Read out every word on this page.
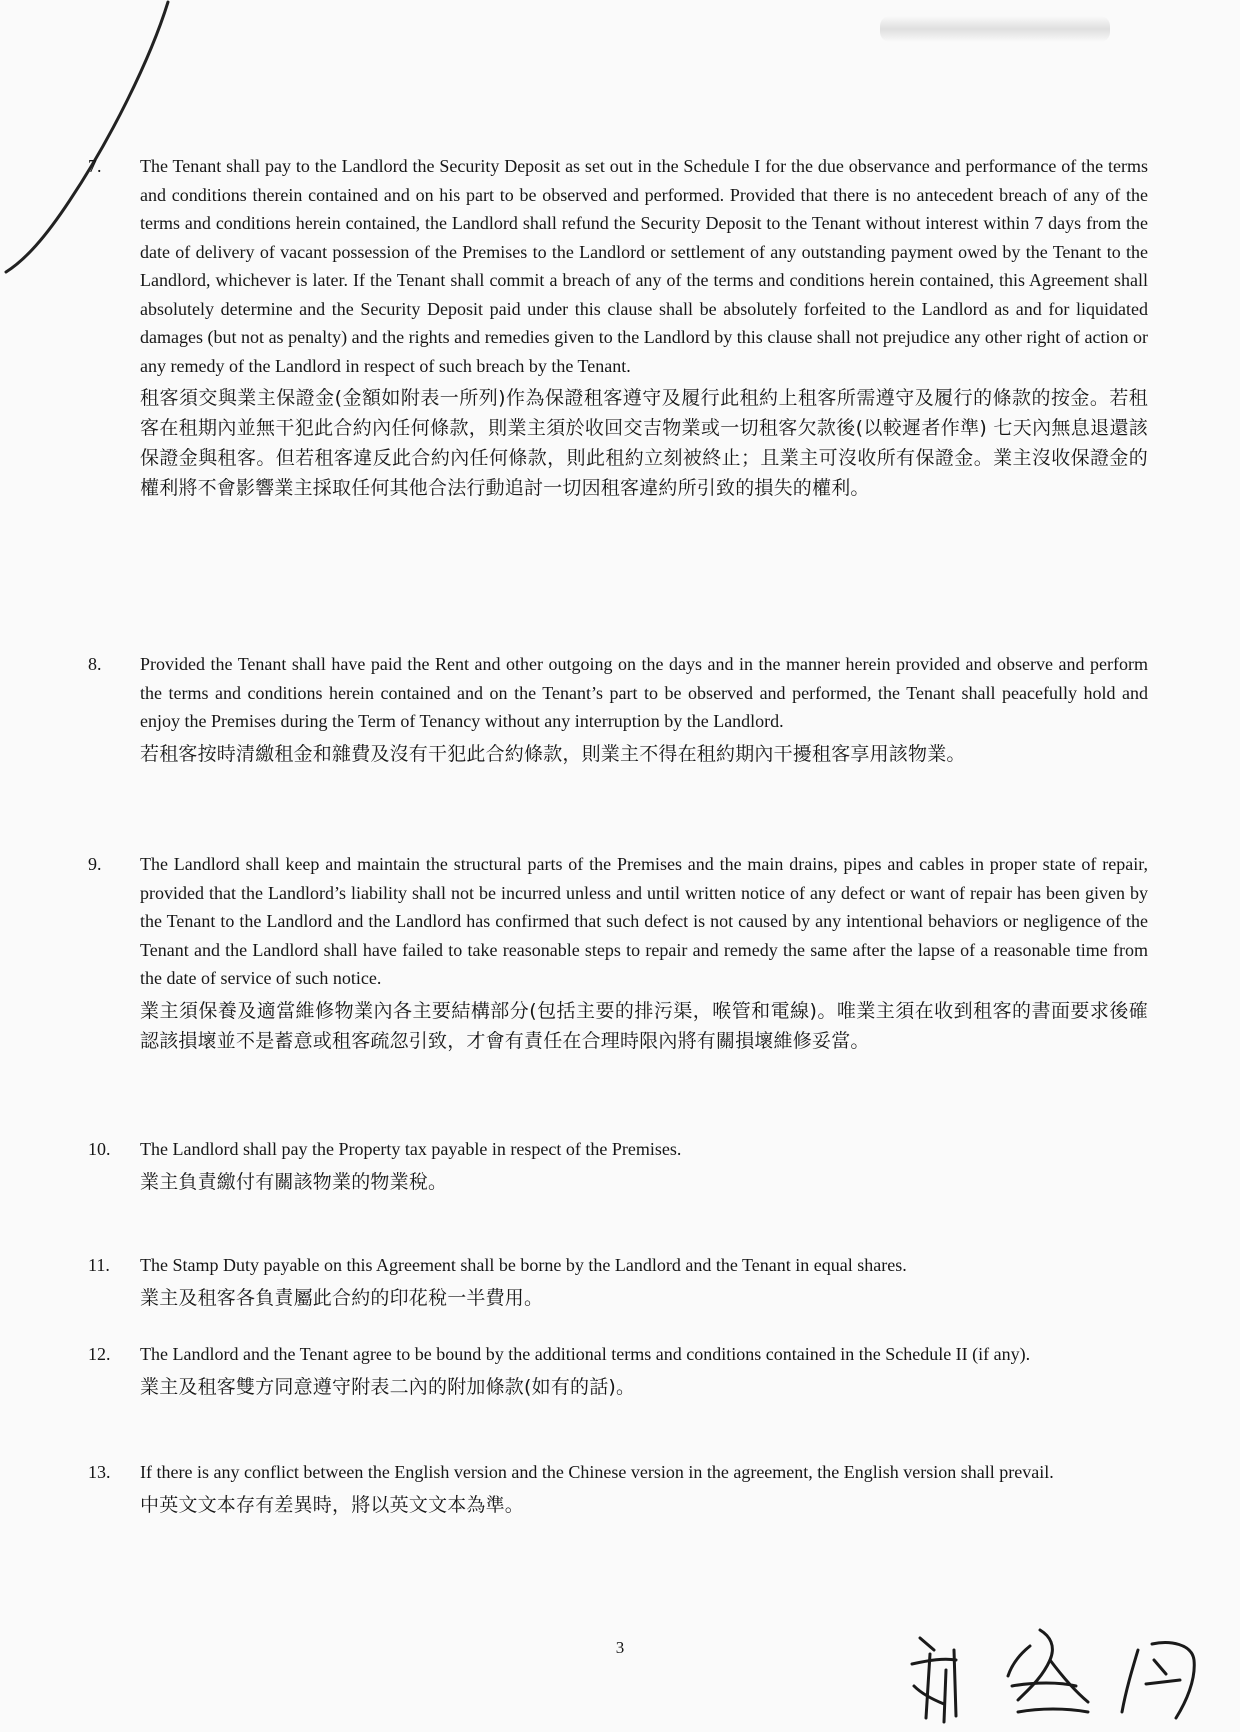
7. The Tenant shall pay to the Landlord the Security Deposit as set out in the Schedule I for the due observance and performance of the terms and conditions therein contained and on his part to be observed and performed. Provided that there is no antecedent breach of any of the terms and conditions herein contained, the Landlord shall refund the Security Deposit to the Tenant without interest within 7 days from the date of delivery of vacant possession of the Premises to the Landlord or settlement of any outstanding payment owed by the Tenant to the Landlord, whichever is later. If the Tenant shall commit a breach of any of the terms and conditions herein contained, this Agreement shall absolutely determine and the Security Deposit paid under this clause shall be absolutely forfeited to the Landlord as and for liquidated damages (but not as penalty) and the rights and remedies given to the Landlord by this clause shall not prejudice any other right of action or any remedy of the Landlord in respect of such breach by the Tenant.

租客須交與業主保證金(金額如附表一所列)作為保證租客遵守及履行此租約上租客所需遵守及履行的條款的按金。若租客在租期內並無干犯此合約內任何條款，則業主須於收回交吉物業或一切租客欠款後(以較遲者作準) 七天內無息退還該保證金與租客。但若租客違反此合約內任何條款，則此租約立刻被終止；且業主可沒收所有保證金。業主沒收保證金的權利將不會影響業主採取任何其他合法行動追討一切因租客違約所引致的損失的權利。

8. Provided the Tenant shall have paid the Rent and other outgoing on the days and in the manner herein provided and observe and perform the terms and conditions herein contained and on the Tenant’s part to be observed and performed, the Tenant shall peacefully hold and enjoy the Premises during the Term of Tenancy without any interruption by the Landlord.

若租客按時清繳租金和雜費及沒有干犯此合約條款，則業主不得在租約期內干擾租客享用該物業。

9. The Landlord shall keep and maintain the structural parts of the Premises and the main drains, pipes and cables in proper state of repair, provided that the Landlord’s liability shall not be incurred unless and until written notice of any defect or want of repair has been given by the Tenant to the Landlord and the Landlord has confirmed that such defect is not caused by any intentional behaviors or negligence of the Tenant and the Landlord shall have failed to take reasonable steps to repair and remedy the same after the lapse of a reasonable time from the date of service of such notice.

業主須保養及適當維修物業內各主要結構部分(包括主要的排污渠，喉管和電線)。唯業主須在收到租客的書面要求後確認該損壞並不是蓄意或租客疏忽引致，才會有責任在合理時限內將有關損壞維修妥當。

10. The Landlord shall pay the Property tax payable in respect of the Premises.

業主負責繳付有關該物業的物業稅。

11. The Stamp Duty payable on this Agreement shall be borne by the Landlord and the Tenant in equal shares.

業主及租客各負責屬此合約的印花稅一半費用。

12. The Landlord and the Tenant agree to be bound by the additional terms and conditions contained in the Schedule II (if any).

業主及租客雙方同意遵守附表二內的附加條款(如有的話)。

13. If there is any conflict between the English version and the Chinese version in the agreement, the English version shall prevail.

中英文文本存有差異時，將以英文文本為準。

3
